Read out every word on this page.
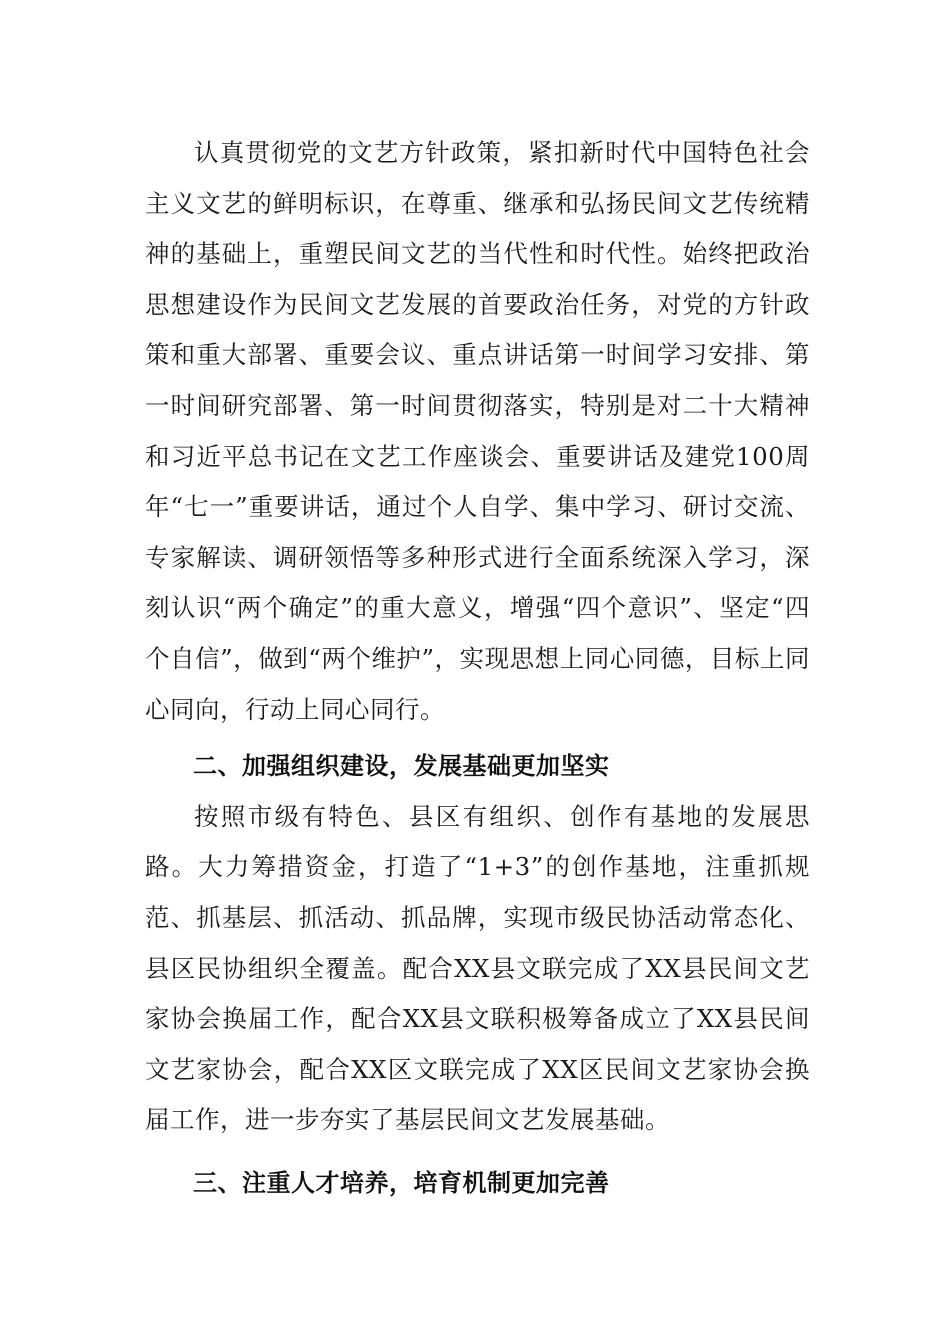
认真贯彻党的文艺方针政策，紧扣新时代中国特色社会主义文艺的鲜明标识，在尊重、继承和弘扬民间文艺传统精神的基础上，重塑民间文艺的当代性和时代性。始终把政治思想建设作为民间文艺发展的首要政治任务，对党的方针政策和重大部署、重要会议、重点讲话第一时间学习安排、第一时间研究部署、第一时间贯彻落实，特别是对二十大精神和习近平总书记在文艺工作座谈会、重要讲话及建党100周年“七一”重要讲话，通过个人自学、集中学习、研讨交流、专家解读、调研领悟等多种形式进行全面系统深入学习，深刻认识“两个确定”的重大意义，增强“四个意识”、坚定“四个自信”，做到“两个维护”，实现思想上同心同德，目标上同心同向，行动上同心同行。

二、加强组织建设，发展基础更加坚实

按照市级有特色、县区有组织、创作有基地的发展思路。大力筹措资金，打造了“1+3”的创作基地，注重抓规范、抓基层、抓活动、抓品牌，实现市级民协活动常态化、县区民协组织全覆盖。配合XX县文联完成了XX县民间文艺家协会换届工作，配合XX县文联积极筹备成立了XX县民间文艺家协会，配合XX区文联完成了XX区民间文艺家协会换届工作，进一步夯实了基层民间文艺发展基础。

三、注重人才培养，培育机制更加完善
